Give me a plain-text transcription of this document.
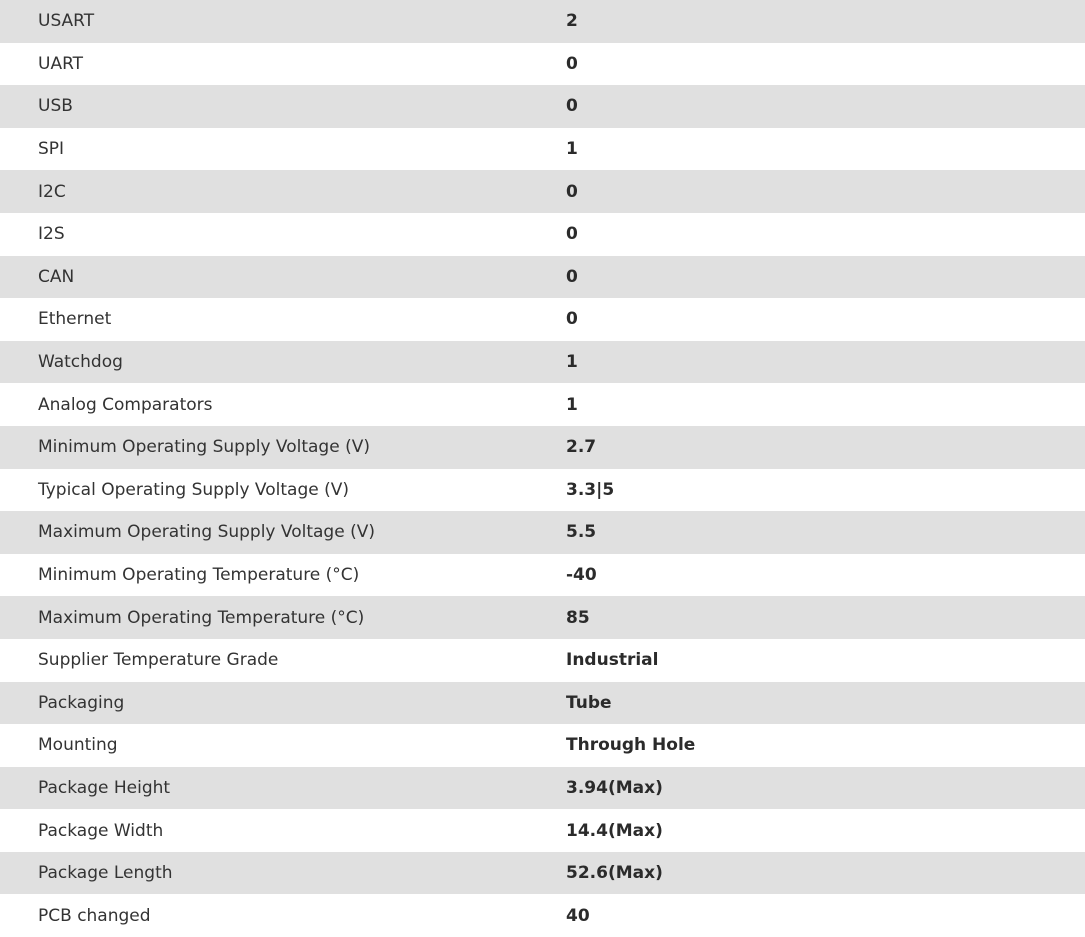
USART	2
UART	0
USB	0
SPI	1
I2C	0
I2S	0
CAN	0
Ethernet	0
Watchdog	1
Analog Comparators	1
Minimum Operating Supply Voltage (V)	2.7
Typical Operating Supply Voltage (V)	3.3|5
Maximum Operating Supply Voltage (V)	5.5
Minimum Operating Temperature (°C)	-40
Maximum Operating Temperature (°C)	85
Supplier Temperature Grade	Industrial
Packaging	Tube
Mounting	Through Hole
Package Height	3.94(Max)
Package Width	14.4(Max)
Package Length	52.6(Max)
PCB changed	40
